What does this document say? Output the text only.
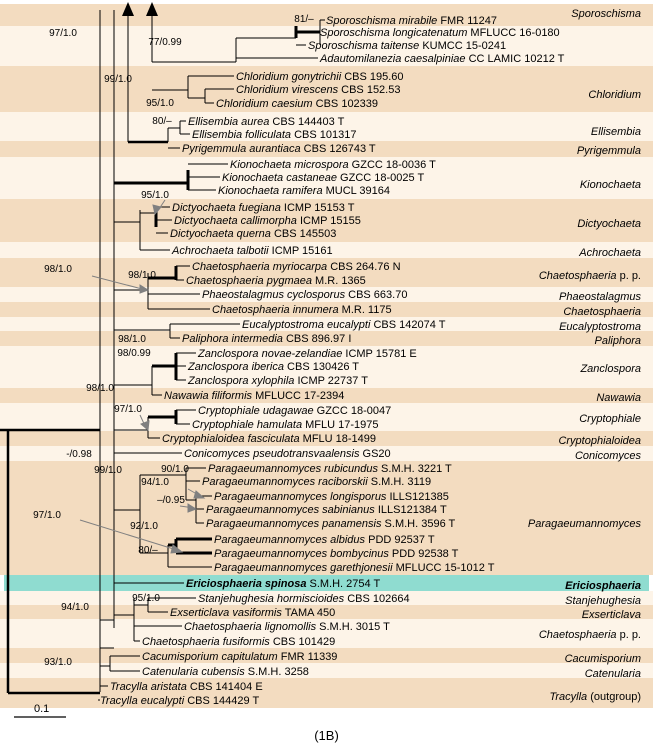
Sporoschisma mirabile FMR 11247
Sporoschisma longicatenatum MFLUCC 16-0180
Sporoschisma taitense KUMCC 15-0241
Adautomilanezia caesalpiniae CC LAMIC 10212 T
Chloridium gonytrichii CBS 195.60
Chloridium virescens CBS 152.53
Chloridium caesium CBS 102339
Ellisembia aurea CBS 144403 T
Ellisembia folliculata CBS 101317
Pyrigemmula aurantiaca CBS 126743 T
Kionochaeta microspora GZCC 18-0036 T
Kionochaeta castaneae GZCC 18-0025 T
Kionochaeta ramifera MUCL 39164
Dictyochaeta fuegiana ICMP 15153 T
Dictyochaeta callimorpha ICMP 15155
Dictyochaeta querna CBS 145503
Achrochaeta talbotii ICMP 15161
Chaetosphaeria myriocarpa CBS 264.76 N
Chaetosphaeria pygmaea M.R. 1365
Phaeostalagmus cyclosporus CBS 663.70
Chaetosphaeria innumera M.R. 1175
Eucalyptostroma eucalypti CBS 142074 T
Paliphora intermedia CBS 896.97 I
Zanclospora novae-zelandiae ICMP 15781 E
Zanclospora iberica CBS 130426 T
Zanclospora xylophila ICMP 22737 T
Nawawia filiformis MFLUCC 17-2394
Cryptophiale udagawae GZCC 18-0047
Cryptophiale hamulata MFLU 17-1975
Cryptophialoidea fasciculata MFLU 18-1499
Conicomyces pseudotransvaalensis GS20
Paragaeumannomyces rubicundus S.M.H. 3221 T
Paragaeumannomyces raciborskii S.M.H. 3119
Paragaeumannomyces longisporus ILLS121385
Paragaeumannomyces sabinianus ILLS121384 T
Paragaeumannomyces panamensis S.M.H. 3596 T
Paragaeumannomyces albidus PDD 92537 T
Paragaeumannomyces bombycinus PDD 92538 T
Paragaeumannomyces garethjonesii MFLUCC 15-1012 T
Ericiosphaeria spinosa S.M.H. 2754 T
Stanjehughesia hormiscioides CBS 102664
Exserticlava vasiformis TAMA 450
Chaetosphaeria lignomollis S.M.H. 3015 T
Chaetosphaeria fusiformis CBS 101429
Cacumisporium capitulatum FMR 11339
Catenularia cubensis S.M.H. 3258
Tracylla aristata CBS 141404 E
Tracylla eucalypti CBS 144429 T
Sporoschisma
Chloridium
Ellisembia
Pyrigemmula
Kionochaeta
Dictyochaeta
Achrochaeta
Chaetosphaeria p. p.
Phaeostalagmus
Chaetosphaeria
Eucalyptostroma
Paliphora
Zanclospora
Nawawia
Cryptophiale
Cryptophialoidea
Conicomyces
Paragaeumannomyces
Ericiosphaeria
Stanjehughesia
Exserticlava
Chaetosphaeria p. p.
Cacumisporium
Catenularia
Tracylla (outgroup)
97/1.0
81/–
77/0.99
99/1.0
95/1.0
80/–
95/1.0
98/1.0
98/1.0
98/1.0
98/0.99
98/1.0
97/1.0
-/0.98
99/1.0	90/1.0
94/1.0
–/0.95
97/1.0
92/1.0
80/–
95/1.0
94/1.0
93/1.0
0.1
(1B)
